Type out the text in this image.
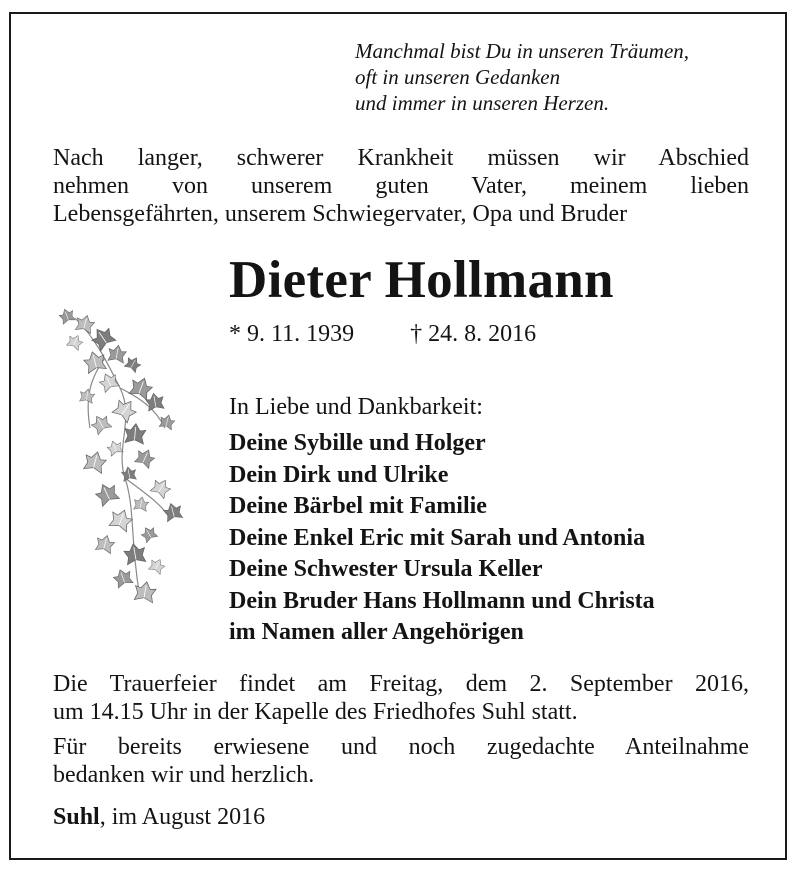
Manchmal bist Du in unseren Träumen,
oft in unseren Gedanken
und immer in unseren Herzen.
Nach langer, schwerer Krankheit müssen wir Abschied
nehmen von unserem guten Vater, meinem lieben
Lebensgefährten, unserem Schwiegervater, Opa und Bruder
Dieter Hollmann
* 9. 11. 1939 † 24. 8. 2016
In Liebe und Dankbarkeit:
Deine Sybille und Holger
Dein Dirk und Ulrike
Deine Bärbel mit Familie
Deine Enkel Eric mit Sarah und Antonia
Deine Schwester Ursula Keller
Dein Bruder Hans Hollmann und Christa
im Namen aller Angehörigen
Die Trauerfeier findet am Freitag, dem 2. September 2016,
um 14.15 Uhr in der Kapelle des Friedhofes Suhl statt.
Für bereits erwiesene und noch zugedachte Anteilnahme
bedanken wir und herzlich.
Suhl, im August 2016
